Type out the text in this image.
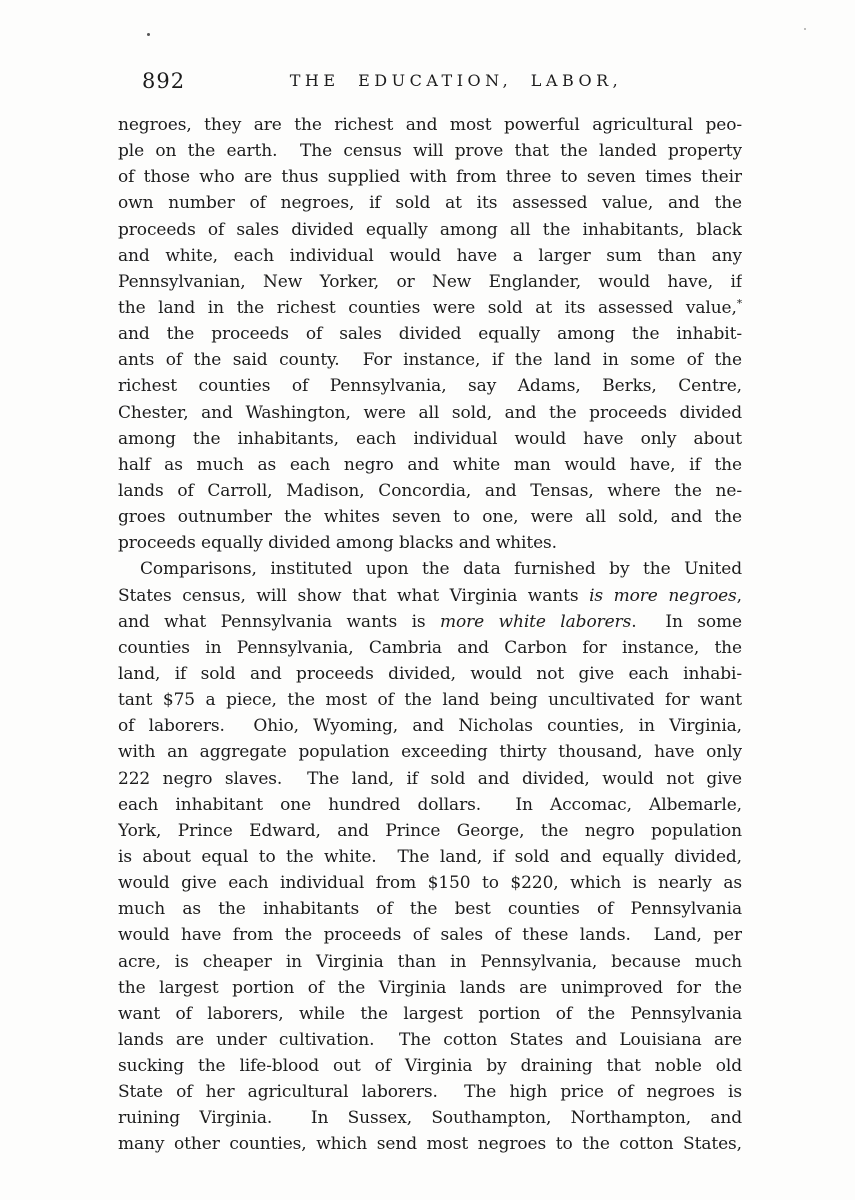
892	THE EDUCATION, LABOR,
negroes, they are the richest and most powerful agricultural peo-
ple on the earth.  The census will prove that the landed property
of those who are thus supplied with from three to seven times their
own number of negroes, if sold at its assessed value, and the
proceeds of sales divided equally among all the inhabitants, black
and white, each individual would have a larger sum than any
Pennsylvanian, New Yorker, or New Englander, would have, if
the land in the richest counties were sold at its assessed value,*
and the proceeds of sales divided equally among the inhabit-
ants of the said county.  For instance, if the land in some of the
richest counties of Pennsylvania, say Adams, Berks, Centre,
Chester, and Washington, were all sold, and the proceeds divided
among the inhabitants, each individual would have only about
half as much as each negro and white man would have, if the
lands of Carroll, Madison, Concordia, and Tensas, where the ne-
groes outnumber the whites seven to one, were all sold, and the
proceeds equally divided among blacks and whites.
Comparisons, instituted upon the data furnished by the United
States census, will show that what Virginia wants is more negroes,
and what Pennsylvania wants is more white laborers.  In some
counties in Pennsylvania, Cambria and Carbon for instance, the
land, if sold and proceeds divided, would not give each inhabi-
tant $75 a piece, the most of the land being uncultivated for want
of laborers.  Ohio, Wyoming, and Nicholas counties, in Virginia,
with an aggregate population exceeding thirty thousand, have only
222 negro slaves.  The land, if sold and divided, would not give
each inhabitant one hundred dollars.  In Accomac, Albemarle,
York, Prince Edward, and Prince George, the negro population
is about equal to the white.  The land, if sold and equally divided,
would give each individual from $150 to $220, which is nearly as
much as the inhabitants of the best counties of Pennsylvania
would have from the proceeds of sales of these lands.  Land, per
acre, is cheaper in Virginia than in Pennsylvania, because much
the largest portion of the Virginia lands are unimproved for the
want of laborers, while the largest portion of the Pennsylvania
lands are under cultivation.  The cotton States and Louisiana are
sucking the life-blood out of Virginia by draining that noble old
State of her agricultural laborers.  The high price of negroes is
ruining Virginia.  In Sussex, Southampton, Northampton, and
many other counties, which send most negroes to the cotton States,
